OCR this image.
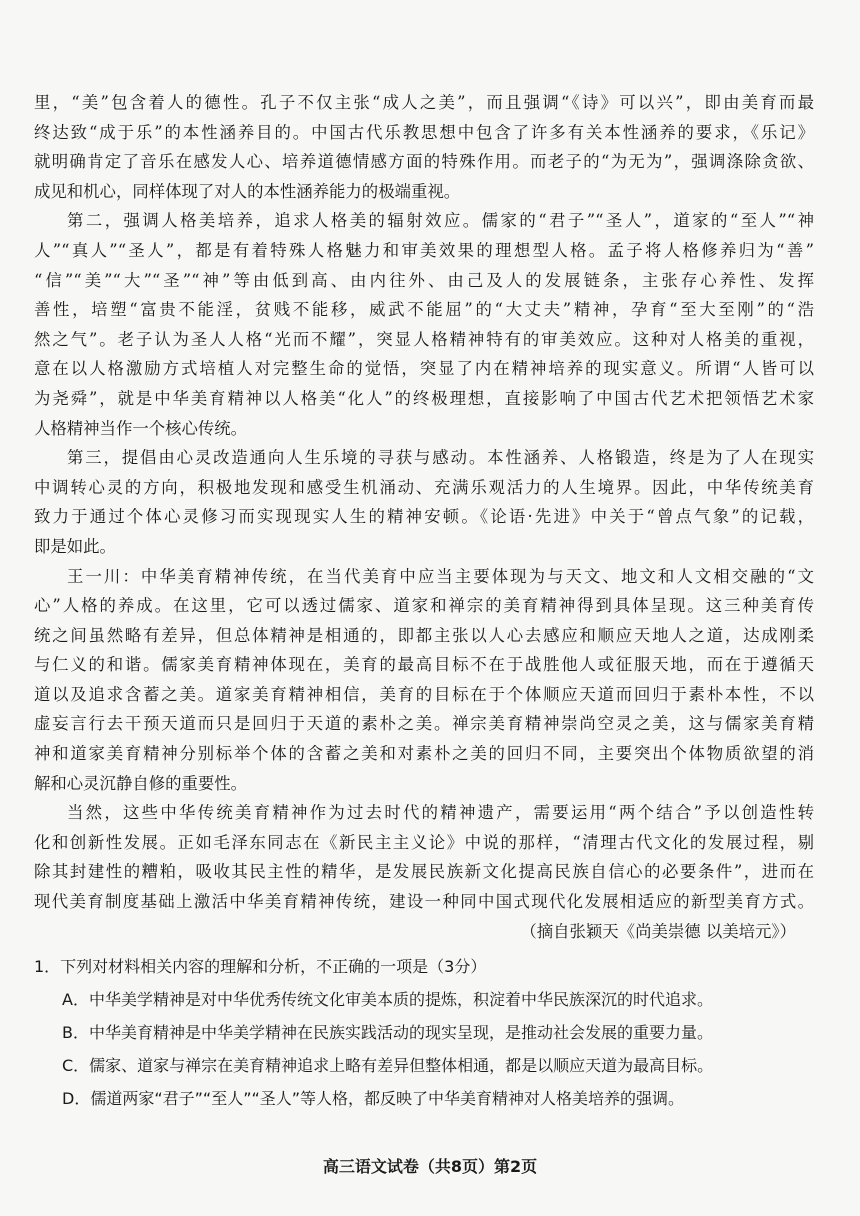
里，“美”包含着人的德性。孔子不仅主张“成人之美”，而且强调“《诗》可以兴”，即由美育而最
终达致“成于乐”的本性涵养目的。中国古代乐教思想中包含了许多有关本性涵养的要求，《乐记》
就明确肯定了音乐在感发人心、培养道德情感方面的特殊作用。而老子的“为无为”，强调涤除贪欲、
成见和机心，同样体现了对人的本性涵养能力的极端重视。
第二，强调人格美培养，追求人格美的辐射效应。儒家的“君子”“圣人”，道家的“至人”“神
人”“真人”“圣人”，都是有着特殊人格魅力和审美效果的理想型人格。孟子将人格修养归为“善”
“信”“美”“大”“圣”“神”等由低到高、由内往外、由己及人的发展链条，主张存心养性、发挥
善性，培塑“富贵不能淫，贫贱不能移，威武不能屈”的“大丈夫”精神，孕育“至大至刚”的“浩
然之气”。老子认为圣人人格“光而不耀”，突显人格精神特有的审美效应。这种对人格美的重视，
意在以人格激励方式培植人对完整生命的觉悟，突显了内在精神培养的现实意义。所谓“人皆可以
为尧舜”，就是中华美育精神以人格美“化人”的终极理想，直接影响了中国古代艺术把领悟艺术家
人格精神当作一个核心传统。
第三，提倡由心灵改造通向人生乐境的寻获与感动。本性涵养、人格锻造，终是为了人在现实
中调转心灵的方向，积极地发现和感受生机涌动、充满乐观活力的人生境界。因此，中华传统美育
致力于通过个体心灵修习而实现现实人生的精神安顿。《论语·先进》中关于“曾点气象”的记载，
即是如此。
王一川：中华美育精神传统，在当代美育中应当主要体现为与天文、地文和人文相交融的“文
心”人格的养成。在这里，它可以透过儒家、道家和禅宗的美育精神得到具体呈现。这三种美育传
统之间虽然略有差异，但总体精神是相通的，即都主张以人心去感应和顺应天地人之道，达成刚柔
与仁义的和谐。儒家美育精神体现在，美育的最高目标不在于战胜他人或征服天地，而在于遵循天
道以及追求含蓄之美。道家美育精神相信，美育的目标在于个体顺应天道而回归于素朴本性，不以
虚妄言行去干预天道而只是回归于天道的素朴之美。禅宗美育精神崇尚空灵之美，这与儒家美育精
神和道家美育精神分别标举个体的含蓄之美和对素朴之美的回归不同，主要突出个体物质欲望的消
解和心灵沉静自修的重要性。
当然，这些中华传统美育精神作为过去时代的精神遗产，需要运用“两个结合”予以创造性转
化和创新性发展。正如毛泽东同志在《新民主主义论》中说的那样，“清理古代文化的发展过程，剔
除其封建性的糟粕，吸收其民主性的精华，是发展民族新文化提高民族自信心的必要条件”，进而在
现代美育制度基础上激活中华美育精神传统，建设一种同中国式现代化发展相适应的新型美育方式。
（摘自张颖天《尚美崇德 以美培元》）
1．下列对材料相关内容的理解和分析，不正确的一项是（3分）
A．中华美学精神是对中华优秀传统文化审美本质的提炼，积淀着中华民族深沉的时代追求。
B．中华美育精神是中华美学精神在民族实践活动的现实呈现，是推动社会发展的重要力量。
C．儒家、道家与禅宗在美育精神追求上略有差异但整体相通，都是以顺应天道为最高目标。
D．儒道两家“君子”“至人”“圣人”等人格，都反映了中华美育精神对人格美培养的强调。
高三语文试卷（共8页）第2页
